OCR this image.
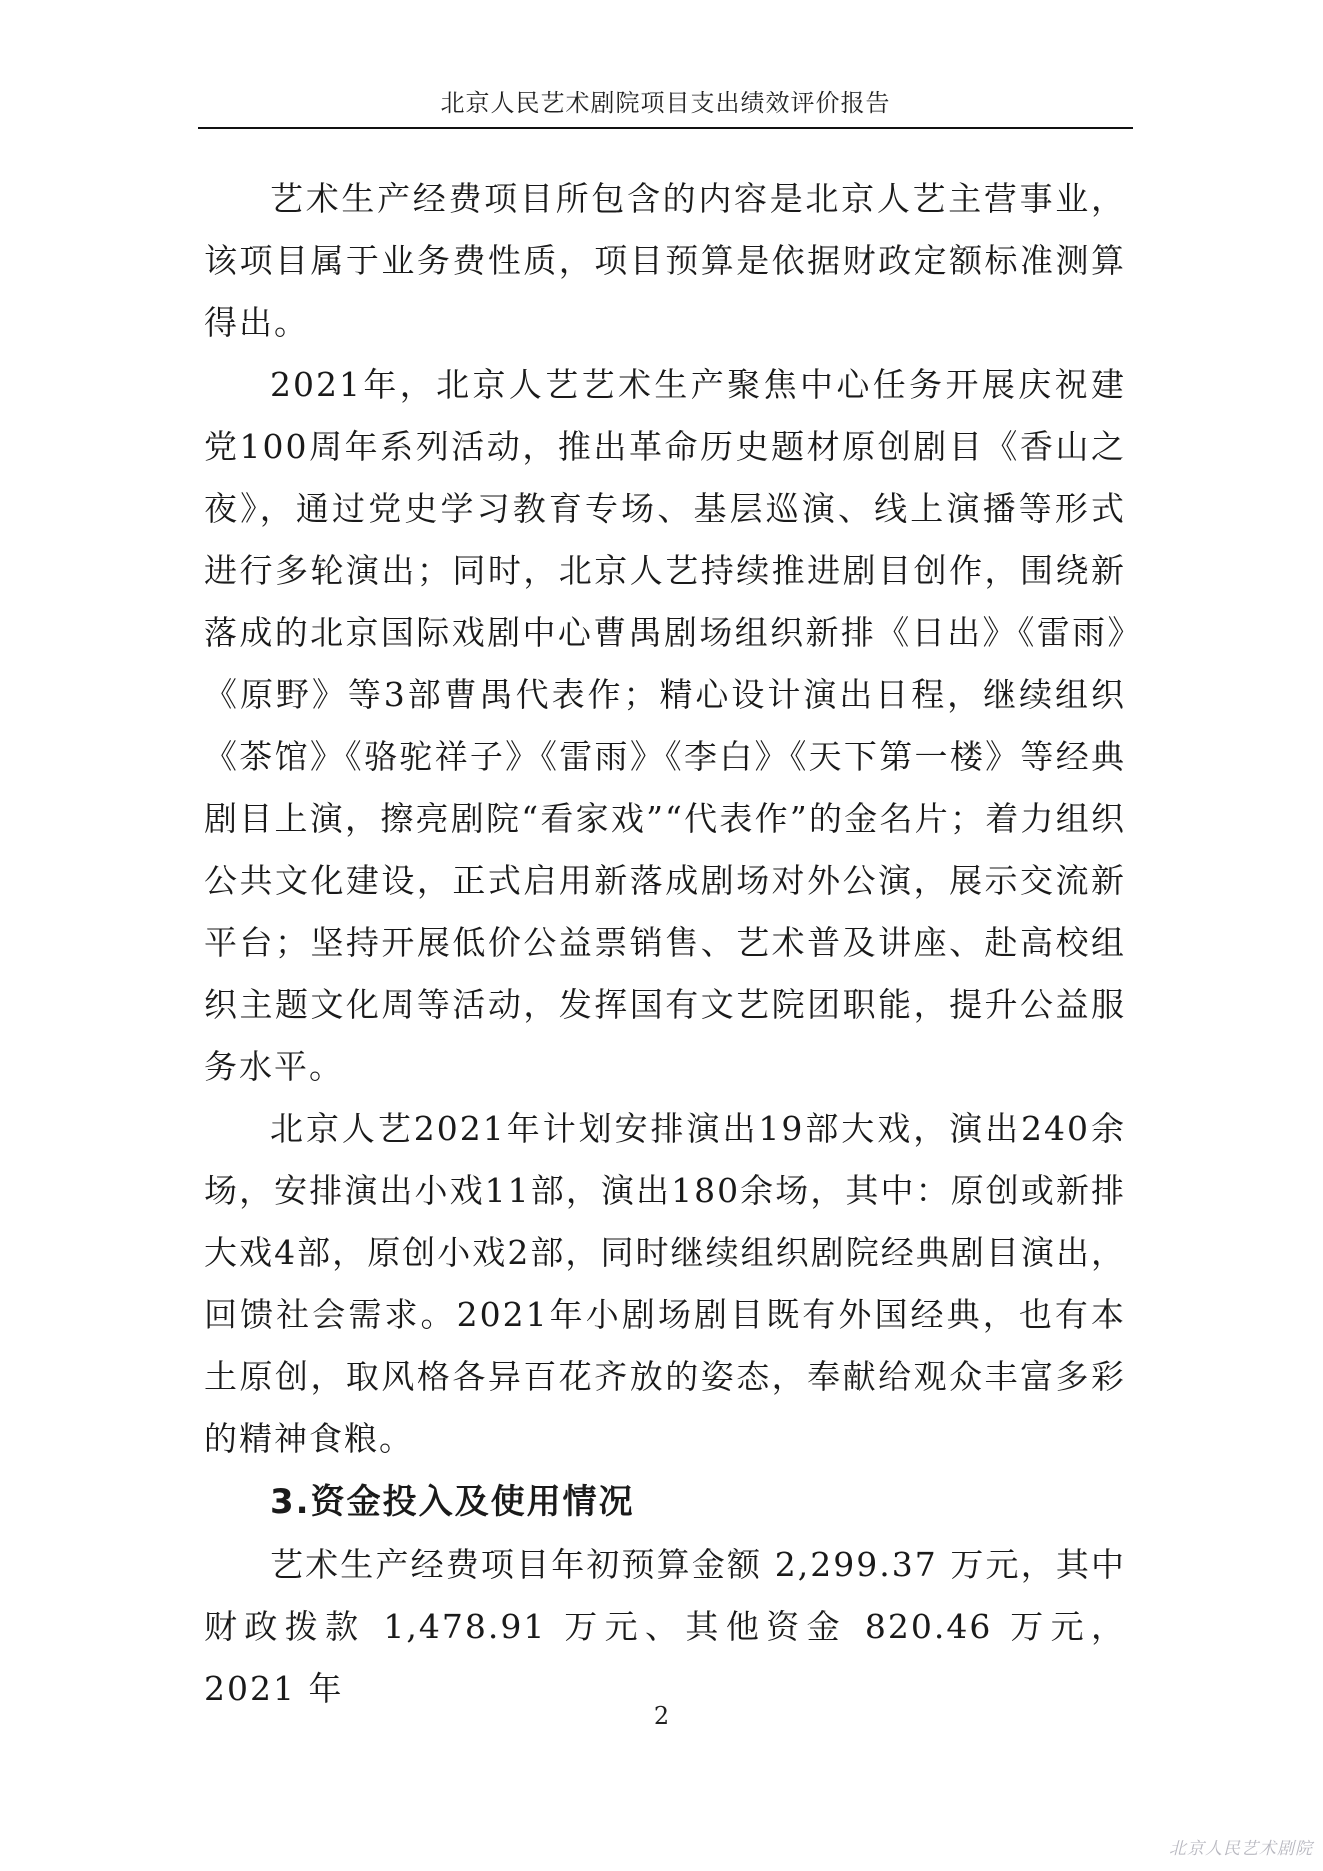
北京人民艺术剧院项目支出绩效评价报告

艺术生产经费项目所包含的内容是北京人艺主营事业，该项目属于业务费性质，项目预算是依据财政定额标准测算得出。

2021年，北京人艺艺术生产聚焦中心任务开展庆祝建党100周年系列活动，推出革命历史题材原创剧目《香山之夜》，通过党史学习教育专场、基层巡演、线上演播等形式进行多轮演出；同时，北京人艺持续推进剧目创作，围绕新落成的北京国际戏剧中心曹禺剧场组织新排《日出》《雷雨》《原野》等3部曹禺代表作；精心设计演出日程，继续组织《茶馆》《骆驼祥子》《雷雨》《李白》《天下第一楼》等经典剧目上演，擦亮剧院“看家戏”“代表作”的金名片；着力组织公共文化建设，正式启用新落成剧场对外公演，展示交流新平台；坚持开展低价公益票销售、艺术普及讲座、赴高校组织主题文化周等活动，发挥国有文艺院团职能，提升公益服务水平。

北京人艺2021年计划安排演出19部大戏，演出240余场，安排演出小戏11部，演出180余场，其中：原创或新排大戏4部，原创小戏2部，同时继续组织剧院经典剧目演出，回馈社会需求。2021年小剧场剧目既有外国经典，也有本土原创，取风格各异百花齐放的姿态，奉献给观众丰富多彩的精神食粮。

3.资金投入及使用情况

艺术生产经费项目年初预算金额 2,299.37 万元，其中财政拨款 1,478.91 万元、其他资金 820.46 万元，2021 年

2
北京人民艺术剧院
